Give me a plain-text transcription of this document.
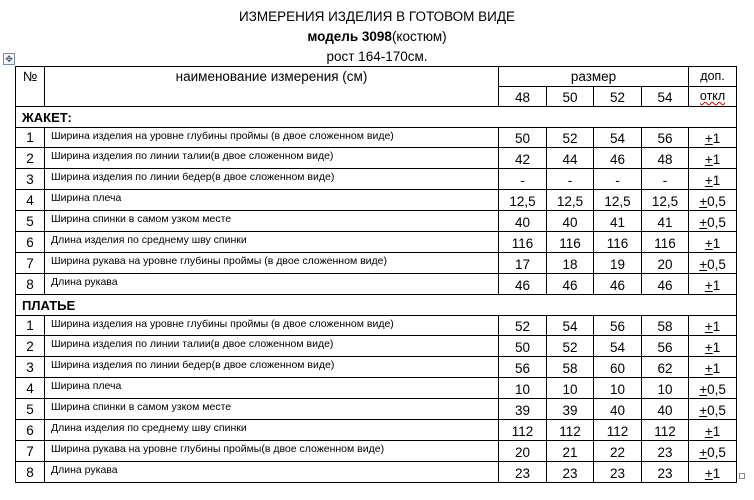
ИЗМЕРЕНИЯ ИЗДЕЛИЯ В ГОТОВОМ ВИДЕ
модель 3098(костюм)
рост 164-170см.
✥
№	наименование измерения (см)	размер				доп.
		48	50	52	54	откл
ЖАКЕТ:						
1	Ширина изделия на уровне глубины проймы (в двое сложенном виде)	50	52	54	56	+1
2	Ширина изделия по линии талии(в двое сложенном виде)	42	44	46	48	+1
3	Ширина изделия по линии бедер(в двое сложенном виде)	-	-	-	-	+1
4	Ширина плеча	12,5	12,5	12,5	12,5	+0,5
5	Ширина спинки в самом узком месте	40	40	41	41	+0,5
6	Длина изделия по среднему шву спинки	116	116	116	116	+1
7	Ширина рукава на уровне глубины проймы (в двое сложенном виде)	17	18	19	20	+0,5
8	Длина рукава	46	46	46	46	+1
ПЛАТЬЕ						
1	Ширина изделия на уровне глубины проймы (в двое сложенном виде)	52	54	56	58	+1
2	Ширина изделия по линии талии(в двое сложенном виде)	50	52	54	56	+1
3	Ширина изделия по линии бедер(в двое сложенном виде)	56	58	60	62	+1
4	Ширина плеча	10	10	10	10	+0,5
5	Ширина спинки в самом узком месте	39	39	40	40	+0,5
6	Длина изделия по среднему шву спинки	112	112	112	112	+1
7	Ширина рукава на уровне глубины проймы(в двое сложенном виде)	20	21	22	23	+0,5
8	Длина рукава	23	23	23	23	+1
